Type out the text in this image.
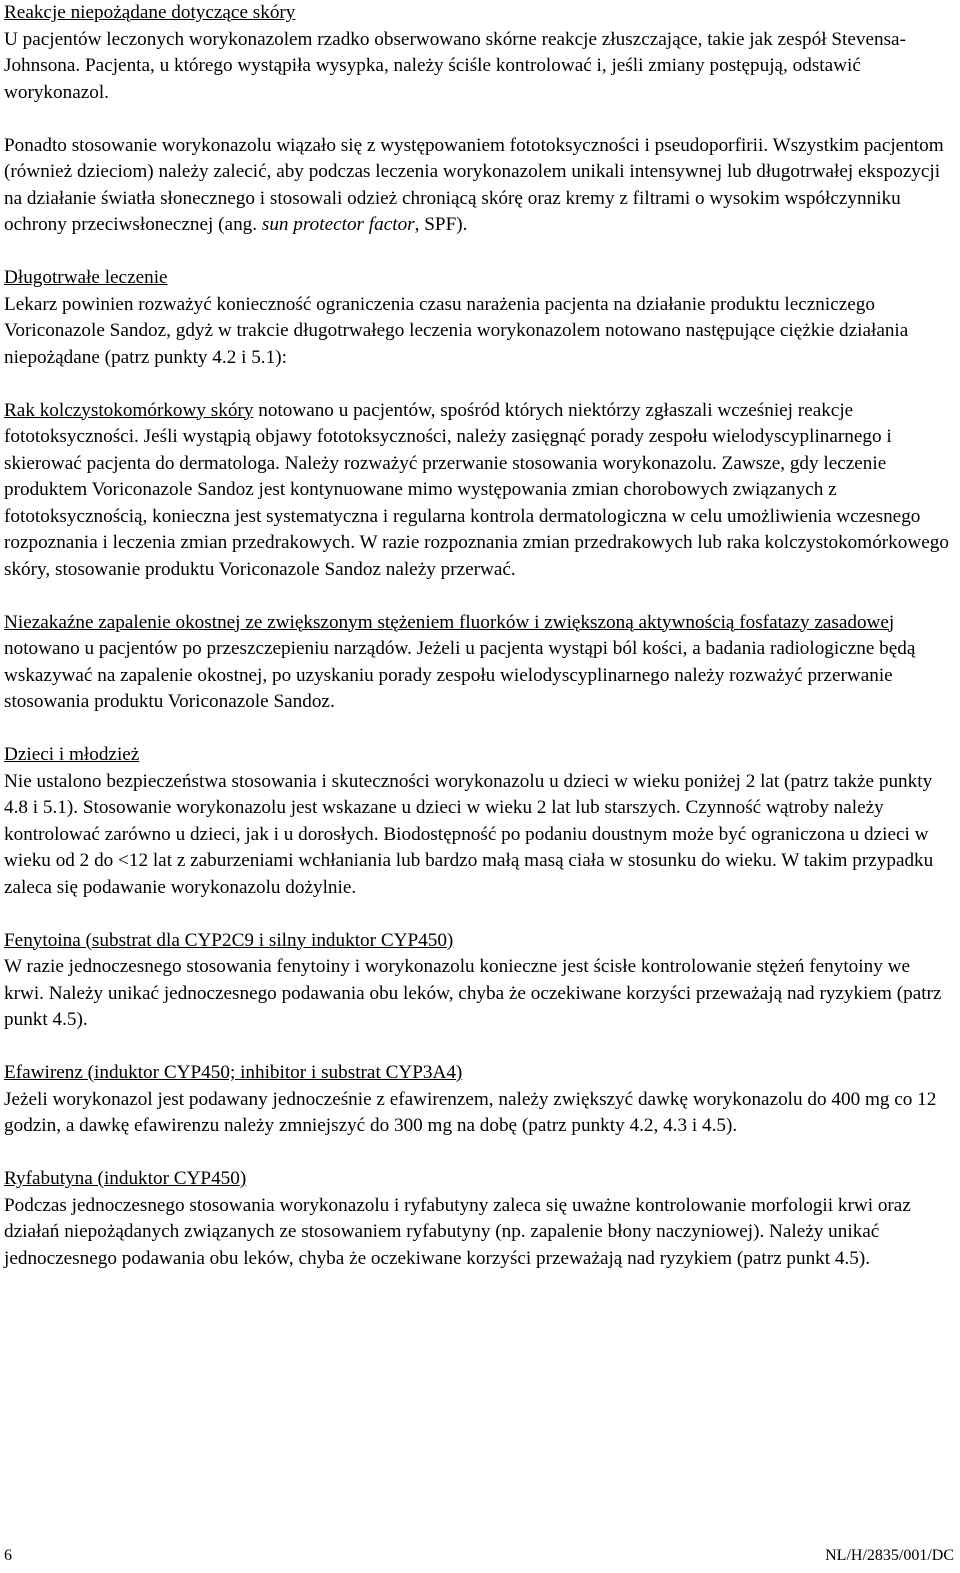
Reakcje niepożądane dotyczące skóry

U pacjentów leczonych worykonazolem rzadko obserwowano skórne reakcje złuszczające, takie jak zespół Stevensa-Johnsona. Pacjenta, u którego wystąpiła wysypka, należy ściśle kontrolować i, jeśli zmiany postępują, odstawić worykonazol.

Ponadto stosowanie worykonazolu wiązało się z występowaniem fototoksyczności i pseudoporfirii. Wszystkim pacjentom (również dzieciom) należy zalecić, aby podczas leczenia worykonazolem unikali intensywnej lub długotrwałej ekspozycji na działanie światła słonecznego i stosowali odzież chroniącą skórę oraz kremy z filtrami o wysokim współczynniku ochrony przeciwsłonecznej (ang. sun protector factor, SPF).

Długotrwałe leczenie

Lekarz powinien rozważyć konieczność ograniczenia czasu narażenia pacjenta na działanie produktu leczniczego Voriconazole Sandoz, gdyż w trakcie długotrwałego leczenia worykonazolem notowano następujące ciężkie działania niepożądane (patrz punkty 4.2 i 5.1):

Rak kolczystokomórkowy skóry notowano u pacjentów, spośród których niektórzy zgłaszali wcześniej reakcje fototoksyczności. Jeśli wystąpią objawy fototoksyczności, należy zasięgnąć porady zespołu wielodyscyplinarnego i skierować pacjenta do dermatologa. Należy rozważyć przerwanie stosowania worykonazolu. Zawsze, gdy leczenie produktem Voriconazole Sandoz jest kontynuowane mimo występowania zmian chorobowych związanych z fototoksycznością, konieczna jest systematyczna i regularna kontrola dermatologiczna w celu umożliwienia wczesnego rozpoznania i leczenia zmian przedrakowych. W razie rozpoznania zmian przedrakowych lub raka kolczystokomórkowego skóry, stosowanie produktu Voriconazole Sandoz należy przerwać.

Niezakaźne zapalenie okostnej ze zwiększonym stężeniem fluorków i zwiększoną aktywnością fosfatazy zasadowej notowano u pacjentów po przeszczepieniu narządów. Jeżeli u pacjenta wystąpi ból kości, a badania radiologiczne będą wskazywać na zapalenie okostnej, po uzyskaniu porady zespołu wielodyscyplinarnego należy rozważyć przerwanie stosowania produktu Voriconazole Sandoz.

Dzieci i młodzież

Nie ustalono bezpieczeństwa stosowania i skuteczności worykonazolu u dzieci w wieku poniżej 2 lat (patrz także punkty 4.8 i 5.1). Stosowanie worykonazolu jest wskazane u dzieci w wieku 2 lat lub starszych. Czynność wątroby należy kontrolować zarówno u dzieci, jak i u dorosłych. Biodostępność po podaniu doustnym może być ograniczona u dzieci w wieku od 2 do <12 lat z zaburzeniami wchłaniania lub bardzo małą masą ciała w stosunku do wieku. W takim przypadku zaleca się podawanie worykonazolu dożylnie.

Fenytoina (substrat dla CYP2C9 i silny induktor CYP450)

W razie jednoczesnego stosowania fenytoiny i worykonazolu konieczne jest ścisłe kontrolowanie stężeń fenytoiny we krwi. Należy unikać jednoczesnego podawania obu leków, chyba że oczekiwane korzyści przeważają nad ryzykiem (patrz punkt 4.5).

Efawirenz (induktor CYP450; inhibitor i substrat CYP3A4)

Jeżeli worykonazol jest podawany jednocześnie z efawirenzem, należy zwiększyć dawkę worykonazolu do 400 mg co 12 godzin, a dawkę efawirenzu należy zmniejszyć do 300 mg na dobę (patrz punkty 4.2, 4.3 i 4.5).

Ryfabutyna (induktor CYP450)

Podczas jednoczesnego stosowania worykonazolu i ryfabutyny zaleca się uważne kontrolowanie morfologii krwi oraz działań niepożądanych związanych ze stosowaniem ryfabutyny (np. zapalenie błony naczyniowej). Należy unikać jednoczesnego podawania obu leków, chyba że oczekiwane korzyści przeważają nad ryzykiem (patrz punkt 4.5).

6	NL/H/2835/001/DC
